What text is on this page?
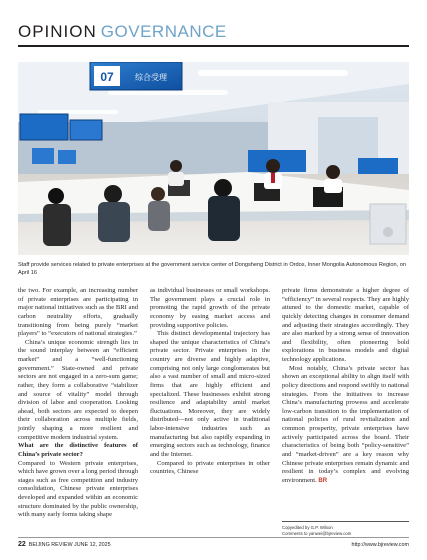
OPINION GOVERNANCE
07	综合受理
Staff provide services related to private enterprises at the government service center of Dongsheng District in Ordos, Inner Mongolia Autonomous Region, on April 16

the two. For example, an increasing number of private enterprises are participating in major national initiatives such as the BRI and carbon neutrality efforts, gradually transitioning from being purely “market players” to “executors of national strategies.”

China’s unique economic strength lies in the sound interplay between an “efficient market” and a “well-functioning government.” State-owned and private sectors are not engaged in a zero-sum game; rather, they form a collaborative “stabilizer and source of vitality” model through division of labor and cooperation. Looking ahead, both sectors are expected to deepen their collaboration across multiple fields, jointly shaping a more resilient and competitive modern industrial system.

What are the distinctive features of China’s private sector?

Compared to Western private enterprises, which have grown over a long period through stages such as free competition and industry consolidation, Chinese private enterprises developed and expanded within an economic structure dominated by the public ownership, with many early forms taking shape

as individual businesses or small workshops. The government plays a crucial role in promoting the rapid growth of the private economy by easing market access and providing supportive policies.

This distinct developmental trajectory has shaped the unique characteristics of China’s private sector. Private enterprises in the country are diverse and highly adaptive, comprising not only large conglomerates but also a vast number of small and micro-sized firms that are highly efficient and specialized. These businesses exhibit strong resilience and adaptability amid market fluctuations. Moreover, they are widely distributed—not only active in traditional labor-intensive industries such as manufacturing but also rapidly expanding in emerging sectors such as technology, finance and the Internet.

Compared to private enterprises in other countries, Chinese

private firms demonstrate a higher degree of “efficiency” in several respects. They are highly attuned to the domestic market, capable of quickly detecting changes in consumer demand and adjusting their strategies accordingly. They are also marked by a strong sense of innovation and flexibility, often pioneering bold explorations in business models and digital technology applications.

Most notably, China’s private sector has shown an exceptional ability to align itself with policy directions and respond swiftly to national strategies. From the initiatives to increase China’s manufacturing prowess and accelerate low-carbon transition to the implementation of national policies of rural revitalization and common prosperity, private enterprises have actively participated across the board. Their characteristics of being both “policy-sensitive” and “market-driven” are a key reason why Chinese private enterprises remain dynamic and resilient in today’s complex and evolving environment. BR

Copyedited by G.P. Wilson
Comments to yanwei@bjreview.com
22 BEIJING REVIEW JUNE 12, 2025	http://www.bjreview.com
